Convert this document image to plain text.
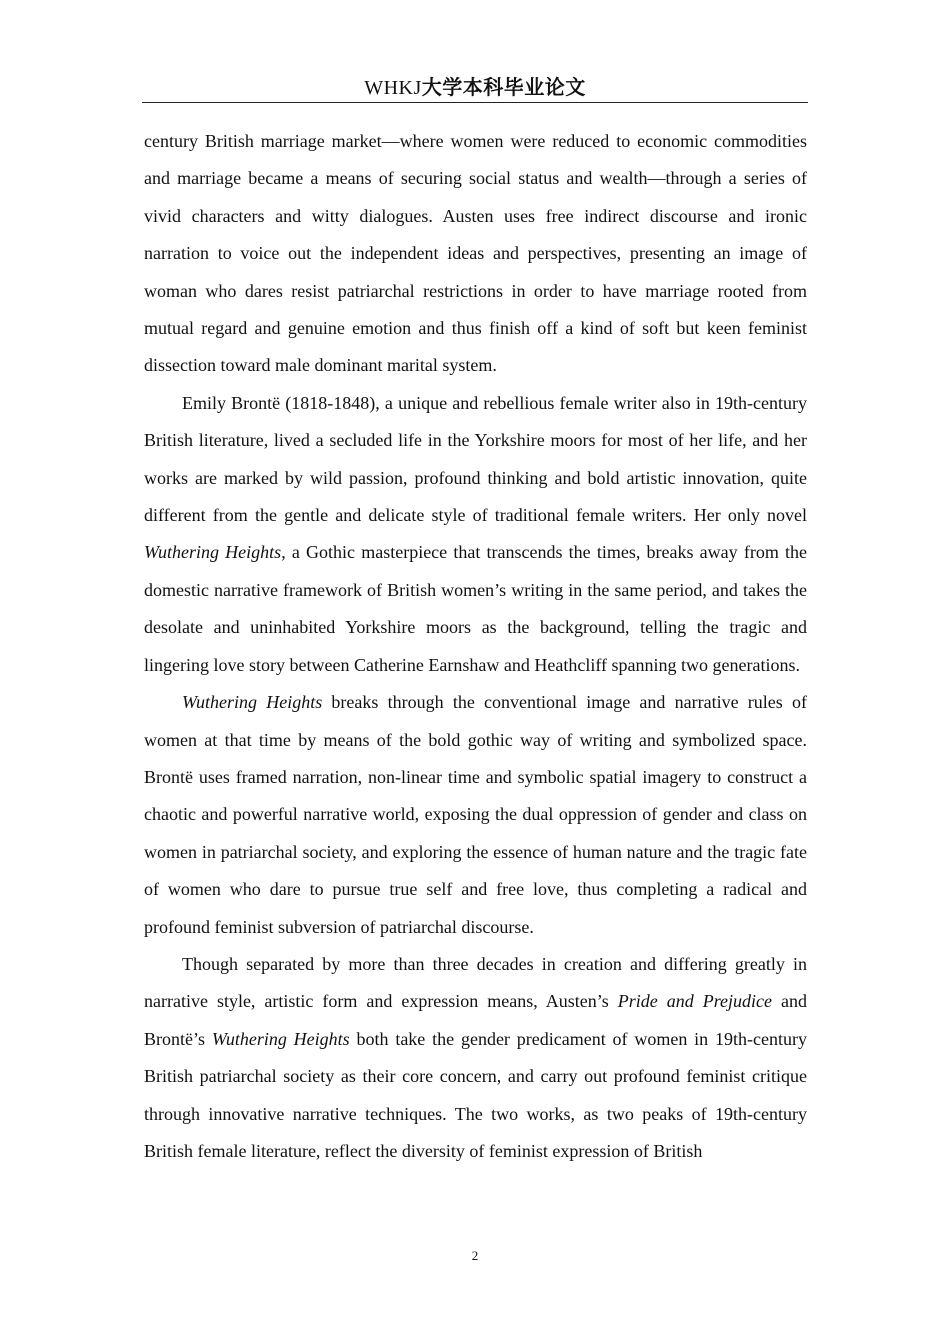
WHKJ大学本科毕业论文

century British marriage market—where women were reduced to economic commodities and marriage became a means of securing social status and wealth—through a series of vivid characters and witty dialogues. Austen uses free indirect discourse and ironic narration to voice out the independent ideas and perspectives, presenting an image of woman who dares resist patriarchal restrictions in order to have marriage rooted from mutual regard and genuine emotion and thus finish off a kind of soft but keen feminist dissection toward male dominant marital system.

Emily Brontë (1818-1848), a unique and rebellious female writer also in 19th-century British literature, lived a secluded life in the Yorkshire moors for most of her life, and her works are marked by wild passion, profound thinking and bold artistic innovation, quite different from the gentle and delicate style of traditional female writers. Her only novel Wuthering Heights, a Gothic masterpiece that transcends the times, breaks away from the domestic narrative framework of British women’s writing in the same period, and takes the desolate and uninhabited Yorkshire moors as the background, telling the tragic and lingering love story between Catherine Earnshaw and Heathcliff spanning two generations.

Wuthering Heights breaks through the conventional image and narrative rules of women at that time by means of the bold gothic way of writing and symbolized space. Brontë uses framed narration, non-linear time and symbolic spatial imagery to construct a chaotic and powerful narrative world, exposing the dual oppression of gender and class on women in patriarchal society, and exploring the essence of human nature and the tragic fate of women who dare to pursue true self and free love, thus completing a radical and profound feminist subversion of patriarchal discourse.

Though separated by more than three decades in creation and differing greatly in narrative style, artistic form and expression means, Austen’s Pride and Prejudice and Brontë’s Wuthering Heights both take the gender predicament of women in 19th-century British patriarchal society as their core concern, and carry out profound feminist critique through innovative narrative techniques. The two works, as two peaks of 19th-century British female literature, reflect the diversity of feminist expression of British

2
